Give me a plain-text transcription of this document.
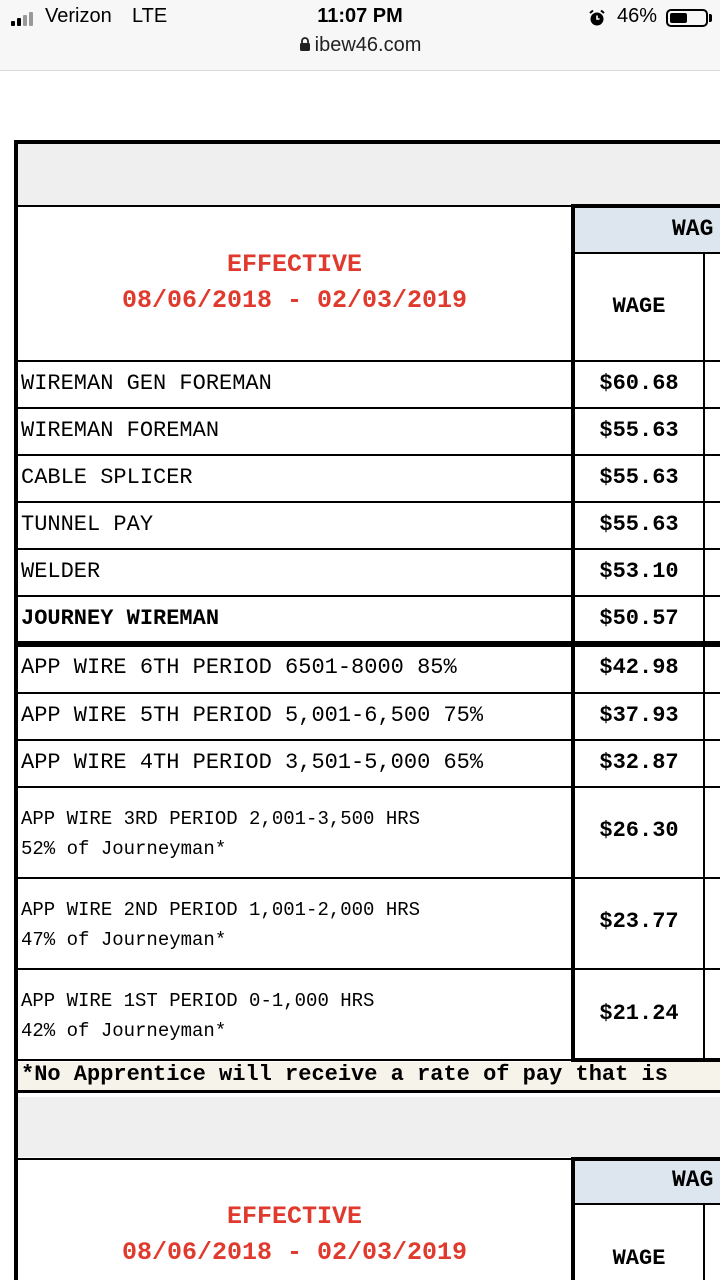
Verizon LTE	11:07 PM
ibew46.com
46%
EFFECTIVE
08/06/2018 - 02/03/2019
WAG
WAGE
WIREMAN GEN FOREMAN	$60.68
WIREMAN FOREMAN	$55.63
CABLE SPLICER	$55.63
TUNNEL PAY	$55.63
WELDER	$53.10
JOURNEY WIREMAN	$50.57
APP WIRE 6TH PERIOD 6501-8000 85%	$42.98
APP WIRE 5TH PERIOD 5,001-6,500 75%	$37.93
APP WIRE 4TH PERIOD 3,501-5,000 65%	$32.87
APP WIRE 3RD PERIOD 2,001-3,500 HRS
52% of Journeyman*
$26.30
APP WIRE 2ND PERIOD 1,001-2,000 HRS
47% of Journeyman*
$23.77
APP WIRE 1ST PERIOD 0-1,000 HRS
42% of Journeyman*
$21.24
*No Apprentice will receive a rate of pay that is
EFFECTIVE
08/06/2018 - 02/03/2019
WAG
WAGE
